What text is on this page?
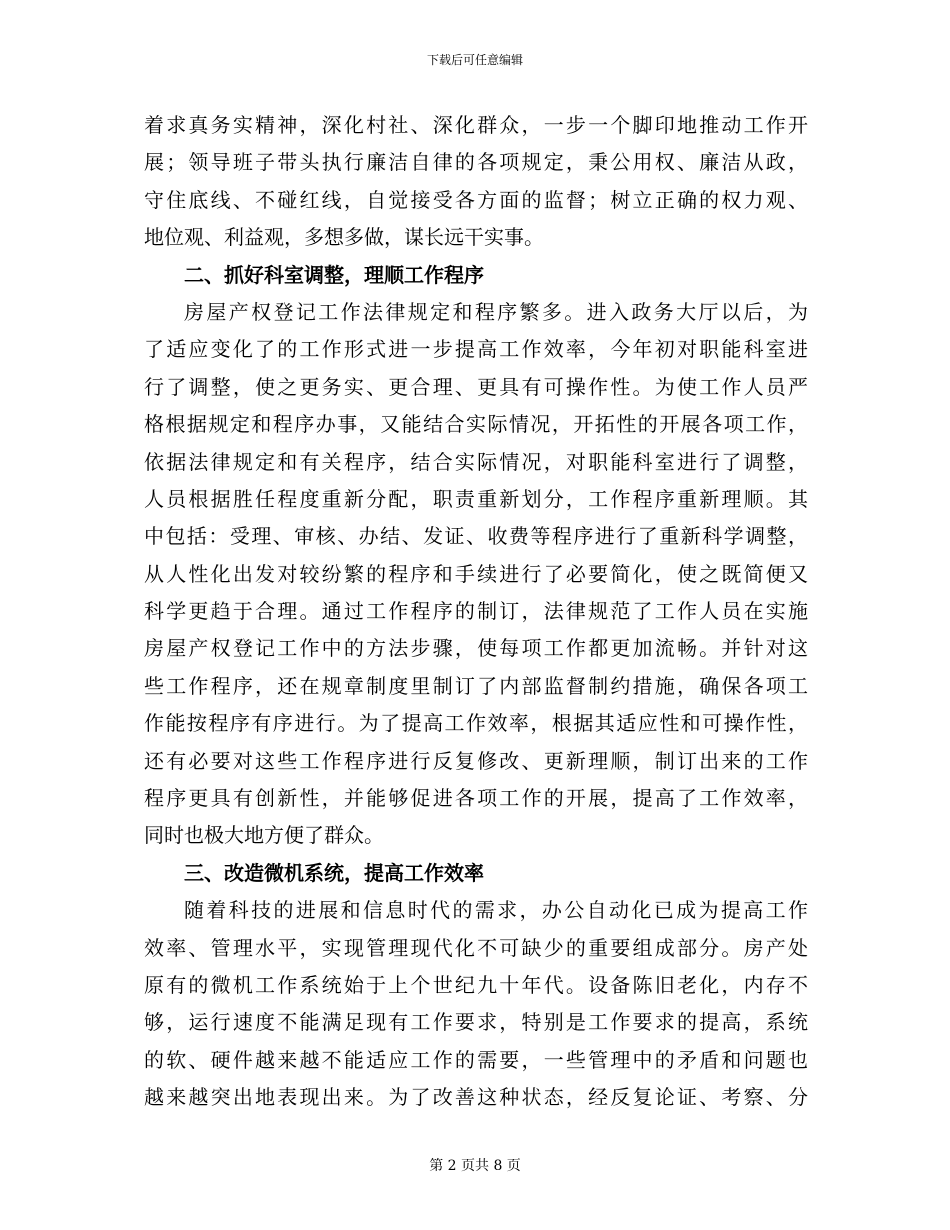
下载后可任意编辑
着求真务实精神，深化村社、深化群众，一步一个脚印地推动工作开
展；领导班子带头执行廉洁自律的各项规定，秉公用权、廉洁从政，
守住底线、不碰红线，自觉接受各方面的监督；树立正确的权力观、
地位观、利益观，多想多做，谋长远干实事。
二、抓好科室调整，理顺工作程序
房屋产权登记工作法律规定和程序繁多。进入政务大厅以后，为
了适应变化了的工作形式进一步提高工作效率，今年初对职能科室进
行了调整，使之更务实、更合理、更具有可操作性。为使工作人员严
格根据规定和程序办事，又能结合实际情况，开拓性的开展各项工作，
依据法律规定和有关程序，结合实际情况，对职能科室进行了调整，
人员根据胜任程度重新分配，职责重新划分，工作程序重新理顺。其
中包括：受理、审核、办结、发证、收费等程序进行了重新科学调整，
从人性化出发对较纷繁的程序和手续进行了必要简化，使之既简便又
科学更趋于合理。通过工作程序的制订，法律规范了工作人员在实施
房屋产权登记工作中的方法步骤，使每项工作都更加流畅。并针对这
些工作程序，还在规章制度里制订了内部监督制约措施，确保各项工
作能按程序有序进行。为了提高工作效率，根据其适应性和可操作性，
还有必要对这些工作程序进行反复修改、更新理顺，制订出来的工作
程序更具有创新性，并能够促进各项工作的开展，提高了工作效率，
同时也极大地方便了群众。
三、改造微机系统，提高工作效率
随着科技的进展和信息时代的需求，办公自动化已成为提高工作
效率、管理水平，实现管理现代化不可缺少的重要组成部分。房产处
原有的微机工作系统始于上个世纪九十年代。设备陈旧老化，内存不
够，运行速度不能满足现有工作要求，特别是工作要求的提高，系统
的软、硬件越来越不能适应工作的需要，一些管理中的矛盾和问题也
越来越突出地表现出来。为了改善这种状态，经反复论证、考察、分
第 2 页共 8 页
